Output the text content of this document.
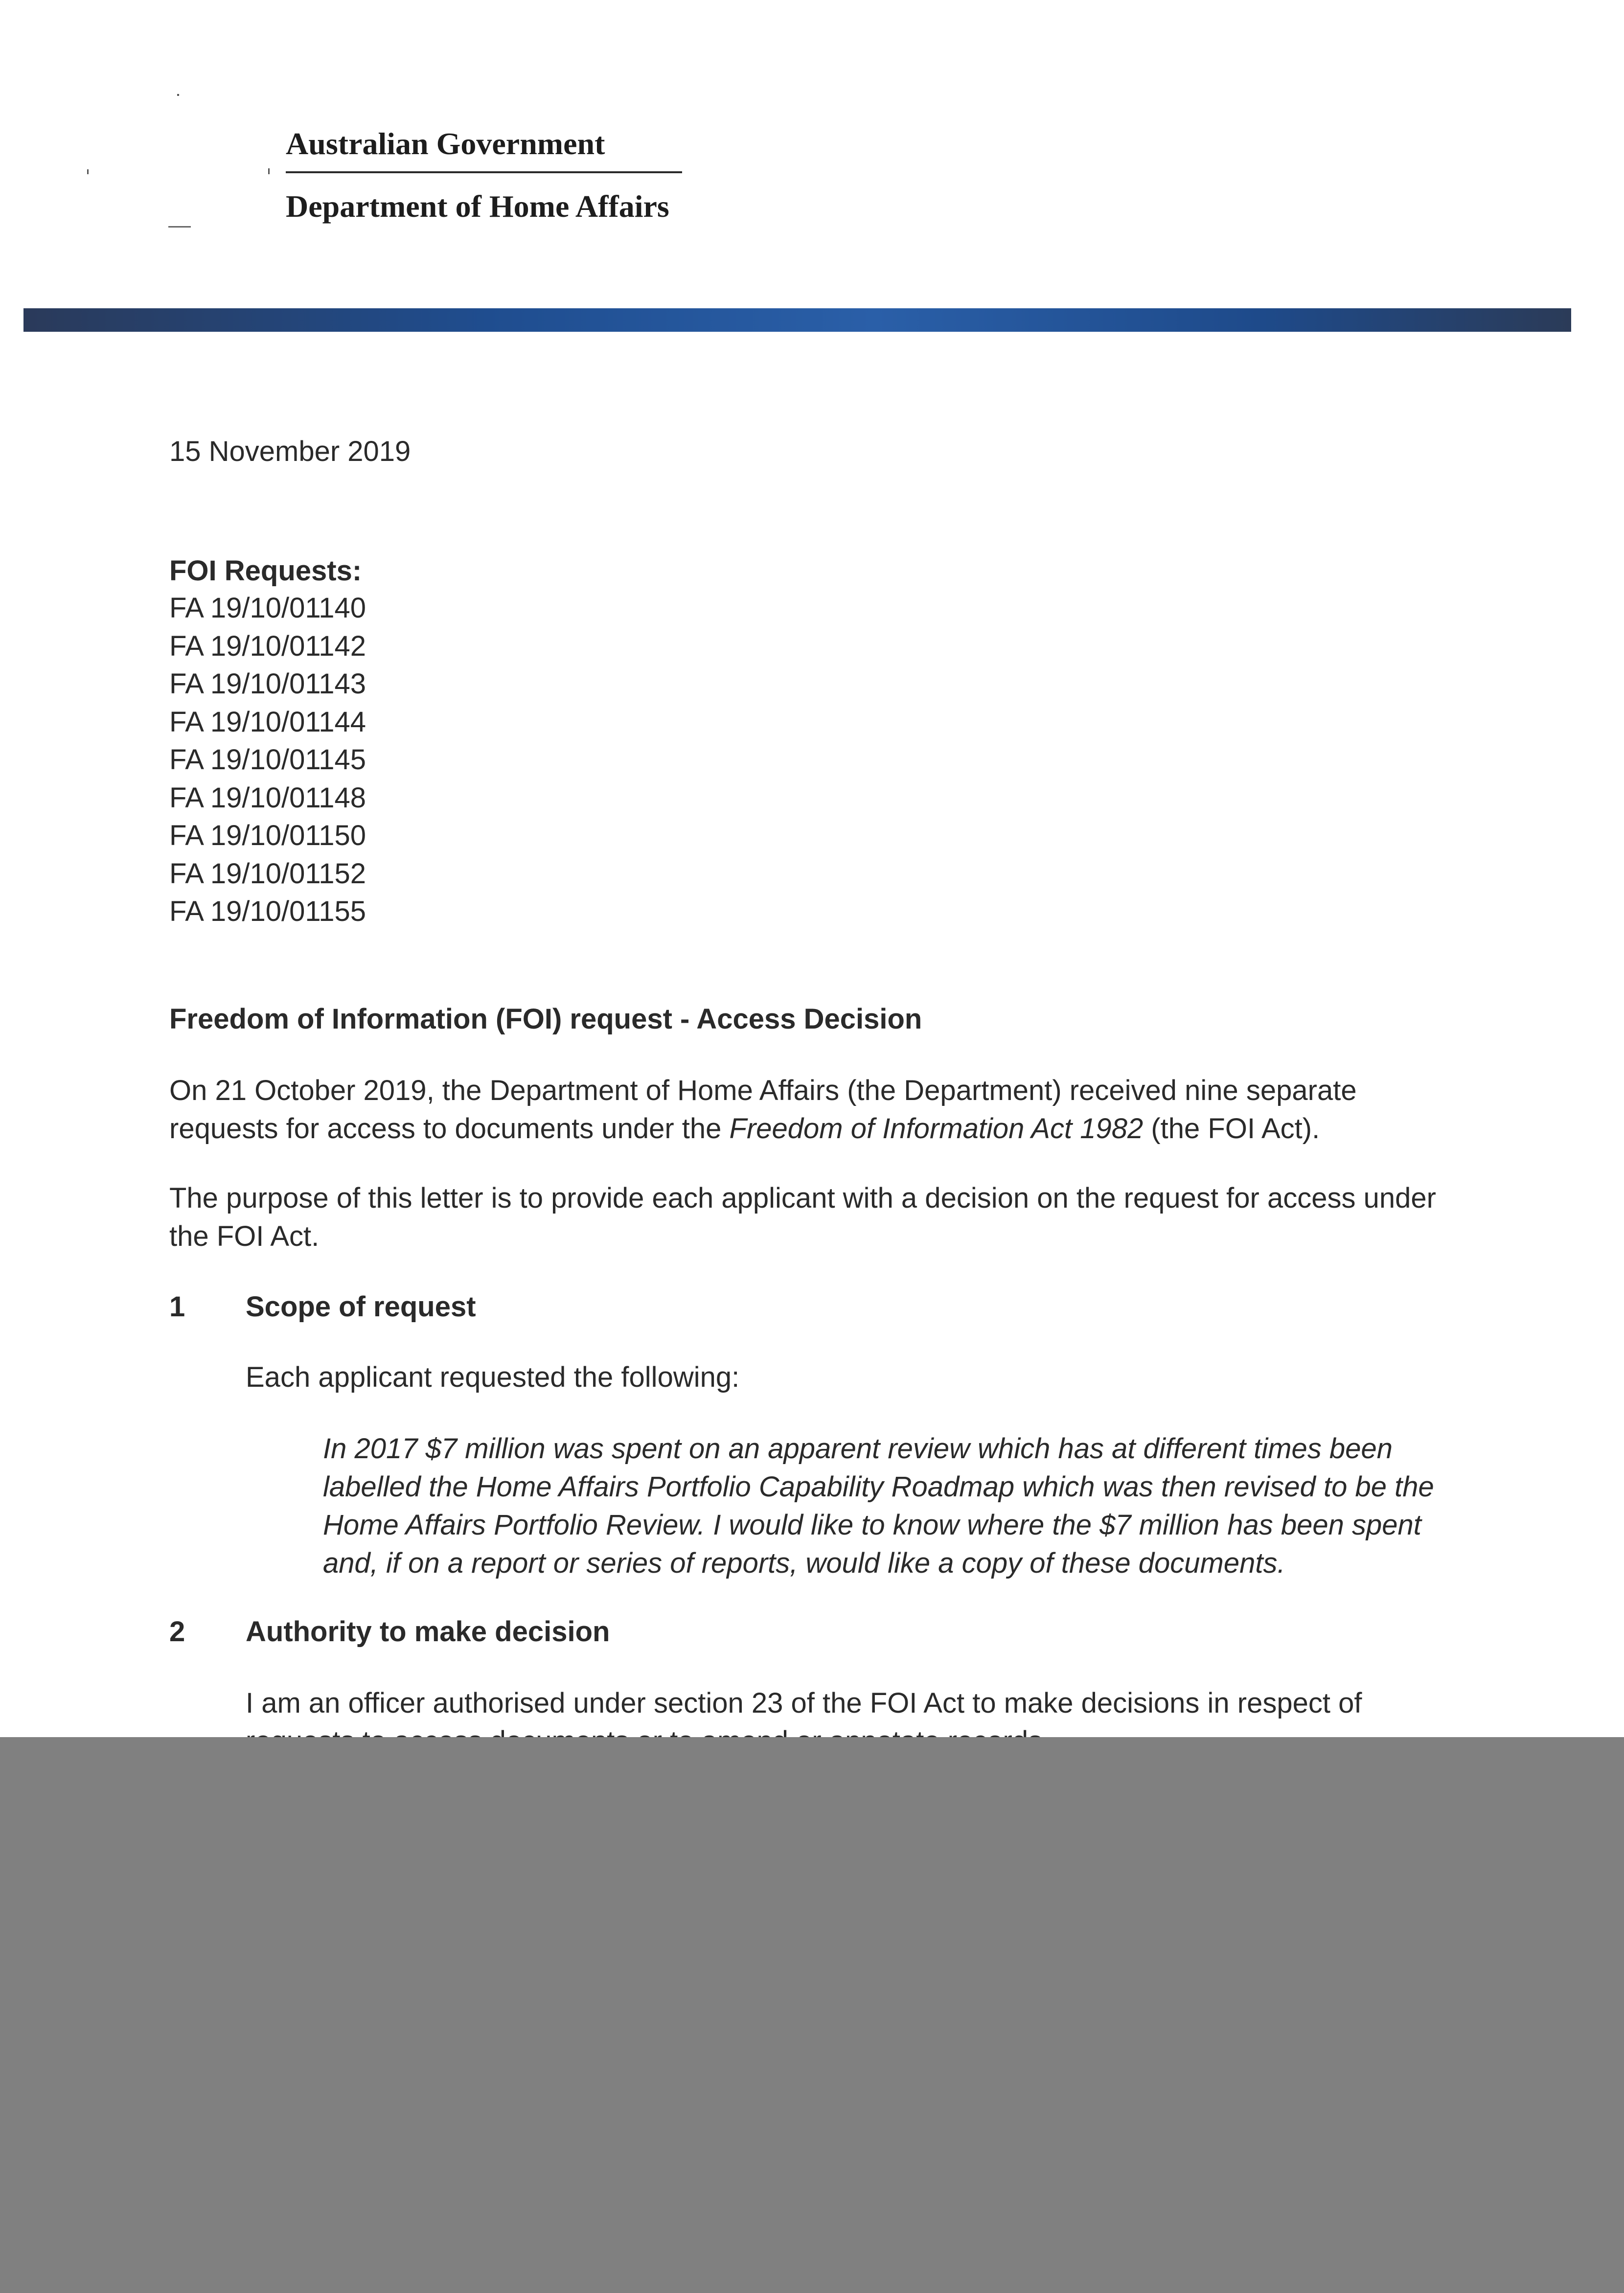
Australian Government

Department of Home Affairs

15 November 2019

FOI Requests:

FA 19/10/01140
FA 19/10/01142
FA 19/10/01143
FA 19/10/01144
FA 19/10/01145
FA 19/10/01148
FA 19/10/01150
FA 19/10/01152
FA 19/10/01155

Freedom of Information (FOI) request - Access Decision

On 21 October 2019, the Department of Home Affairs (the Department) received nine separate requests for access to documents under the Freedom of Information Act 1982 (the FOI Act).

The purpose of this letter is to provide each applicant with a decision on the request for access under the FOI Act.

1 Scope of request

Each applicant requested the following:

In 2017 $7 million was spent on an apparent review which has at different times been labelled the Home Affairs Portfolio Capability Roadmap which was then revised to be the Home Affairs Portfolio Review. I would like to know where the $7 million has been spent and, if on a report or series of reports, would like a copy of these documents.

2 Authority to make decision

I am an officer authorised under section 23 of the FOI Act to make decisions in respect of
